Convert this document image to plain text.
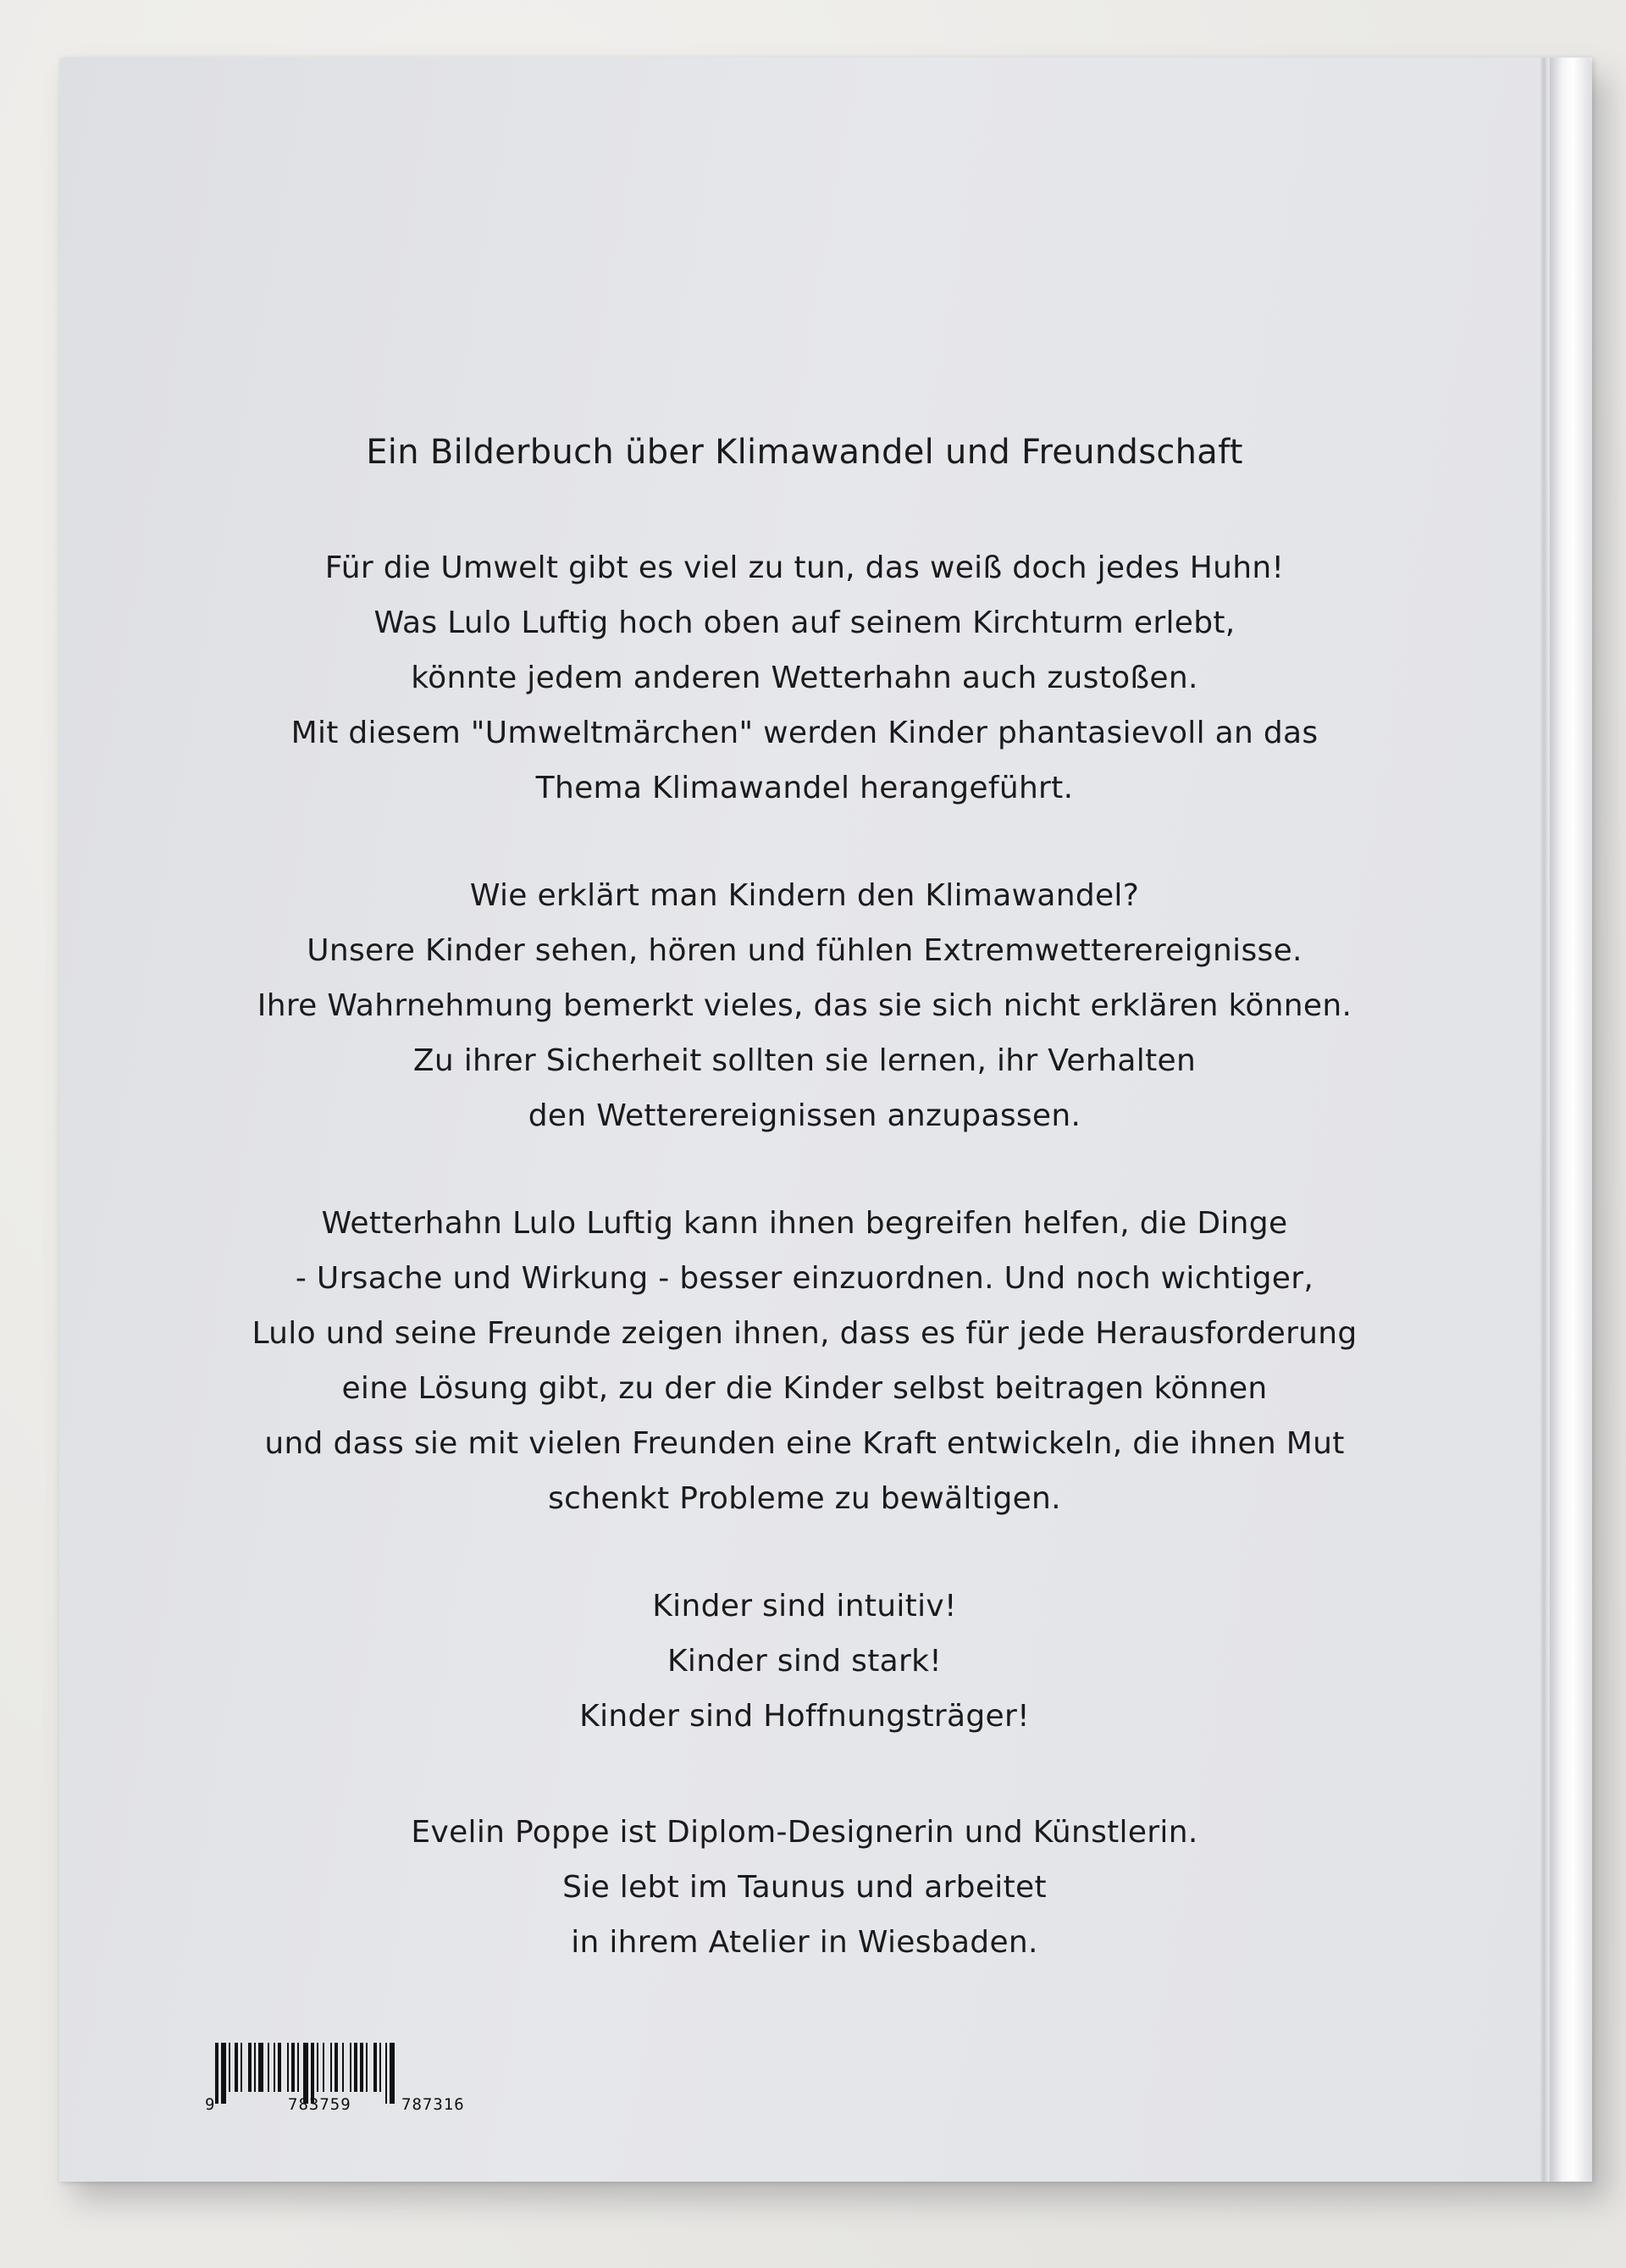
Ein Bilderbuch über Klimawandel und Freundschaft
Für die Umwelt gibt es viel zu tun, das weiß doch jedes Huhn!
Was Lulo Luftig hoch oben auf seinem Kirchturm erlebt,
könnte jedem anderen Wetterhahn auch zustoßen.
Mit diesem "Umweltmärchen" werden Kinder phantasievoll an das
Thema Klimawandel herangeführt.
Wie erklärt man Kindern den Klimawandel?
Unsere Kinder sehen, hören und fühlen Extremwetterereignisse.
Ihre Wahrnehmung bemerkt vieles, das sie sich nicht erklären können.
Zu ihrer Sicherheit sollten sie lernen, ihr Verhalten
den Wetterereignissen anzupassen.
Wetterhahn Lulo Luftig kann ihnen begreifen helfen, die Dinge
- Ursache und Wirkung - besser einzuordnen. Und noch wichtiger,
Lulo und seine Freunde zeigen ihnen, dass es für jede Herausforderung
eine Lösung gibt, zu der die Kinder selbst beitragen können
und dass sie mit vielen Freunden eine Kraft entwickeln, die ihnen Mut
schenkt Probleme zu bewältigen.
Kinder sind intuitiv!
Kinder sind stark!
Kinder sind Hoffnungsträger!
Evelin Poppe ist Diplom-Designerin und Künstlerin.
Sie lebt im Taunus und arbeitet
in ihrem Atelier in Wiesbaden.
9	783759	787316
